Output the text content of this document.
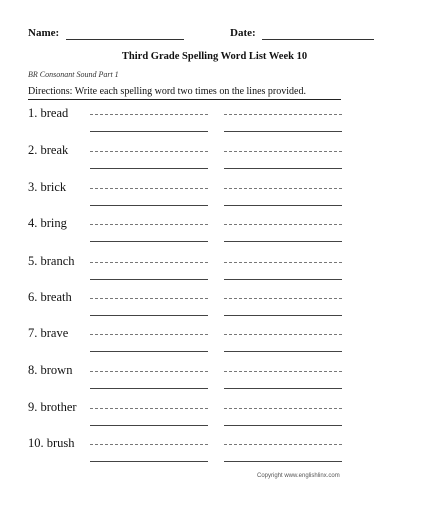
Name:	Date:
Third Grade Spelling Word List Week 10
BR Consonant Sound Part 1
Directions: Write each spelling word two times on the lines provided.
1. bread
2. break
3. brick
4. bring
5. branch
6. breath
7. brave
8. brown
9. brother
10. brush
Copyright www.englishlinx.com
